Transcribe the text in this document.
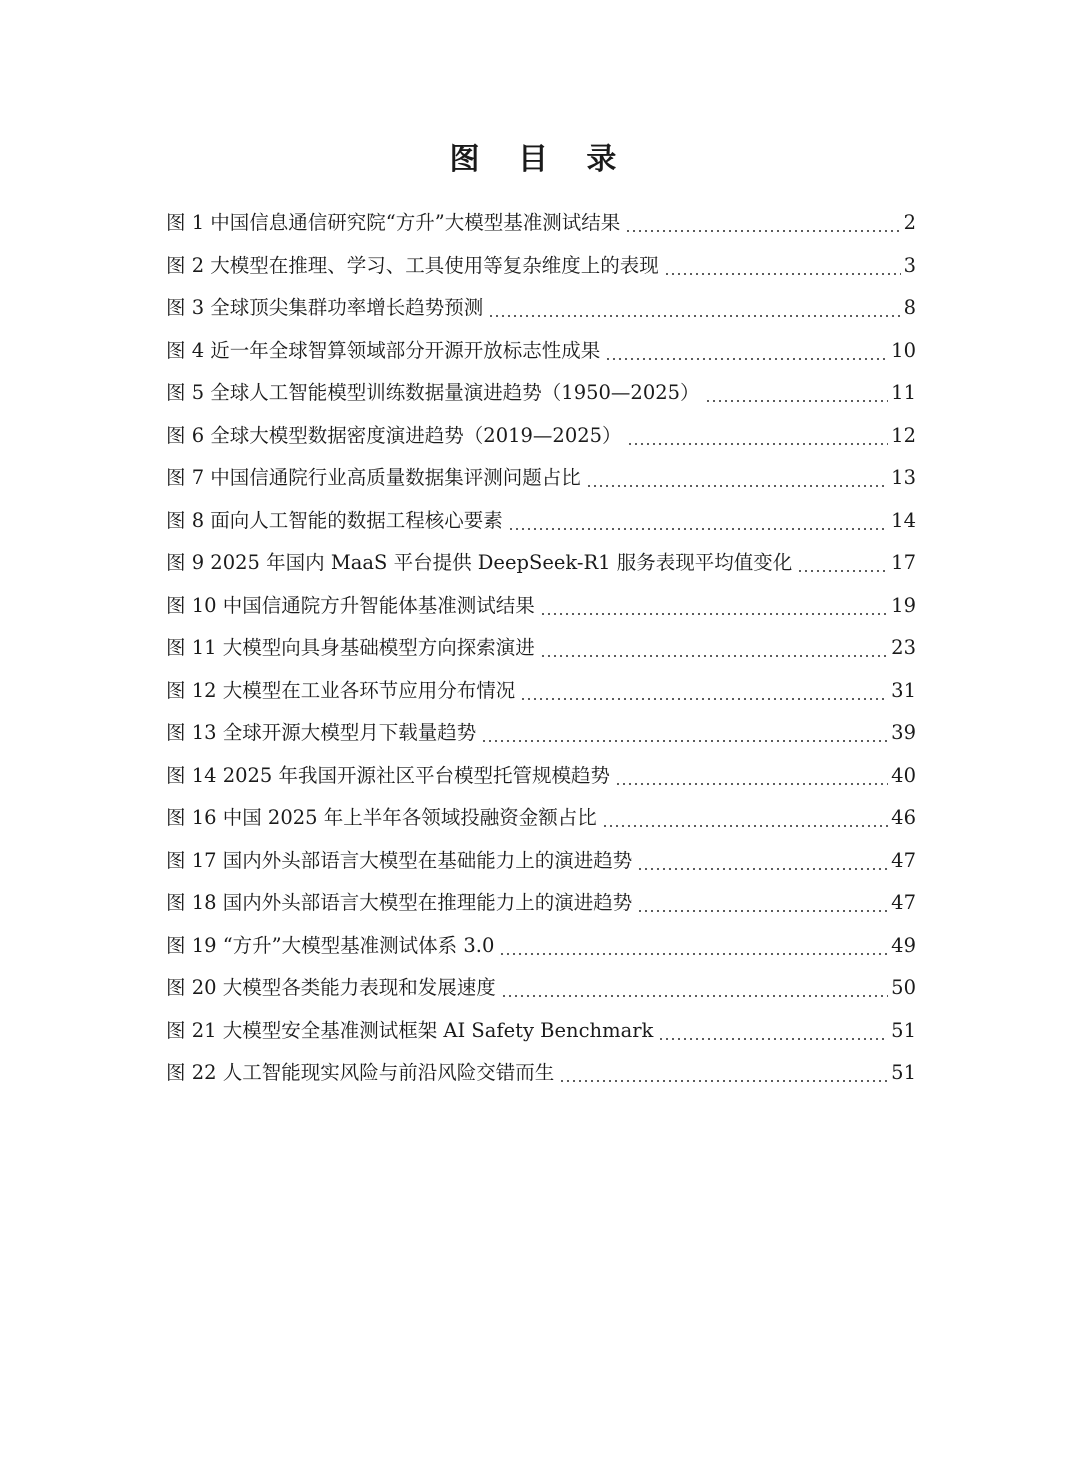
图 目 录
图 1 中国信息通信研究院“方升”大模型基准测试结果	2
图 2 大模型在推理、学习、工具使用等复杂维度上的表现	3
图 3 全球顶尖集群功率增长趋势预测	8
图 4 近一年全球智算领域部分开源开放标志性成果	10
图 5 全球人工智能模型训练数据量演进趋势（1950—2025）	11
图 6 全球大模型数据密度演进趋势（2019—2025）	12
图 7 中国信通院行业高质量数据集评测问题占比	13
图 8 面向人工智能的数据工程核心要素	14
图 9 2025 年国内 MaaS 平台提供 DeepSeek-R1 服务表现平均值变化	17
图 10 中国信通院方升智能体基准测试结果	19
图 11 大模型向具身基础模型方向探索演进	23
图 12 大模型在工业各环节应用分布情况	31
图 13 全球开源大模型月下载量趋势	39
图 14 2025 年我国开源社区平台模型托管规模趋势	40
图 16 中国 2025 年上半年各领域投融资金额占比	46
图 17 国内外头部语言大模型在基础能力上的演进趋势	47
图 18 国内外头部语言大模型在推理能力上的演进趋势	47
图 19 “方升”大模型基准测试体系 3.0	49
图 20 大模型各类能力表现和发展速度	50
图 21 大模型安全基准测试框架 AI Safety Benchmark	51
图 22 人工智能现实风险与前沿风险交错而生	51
